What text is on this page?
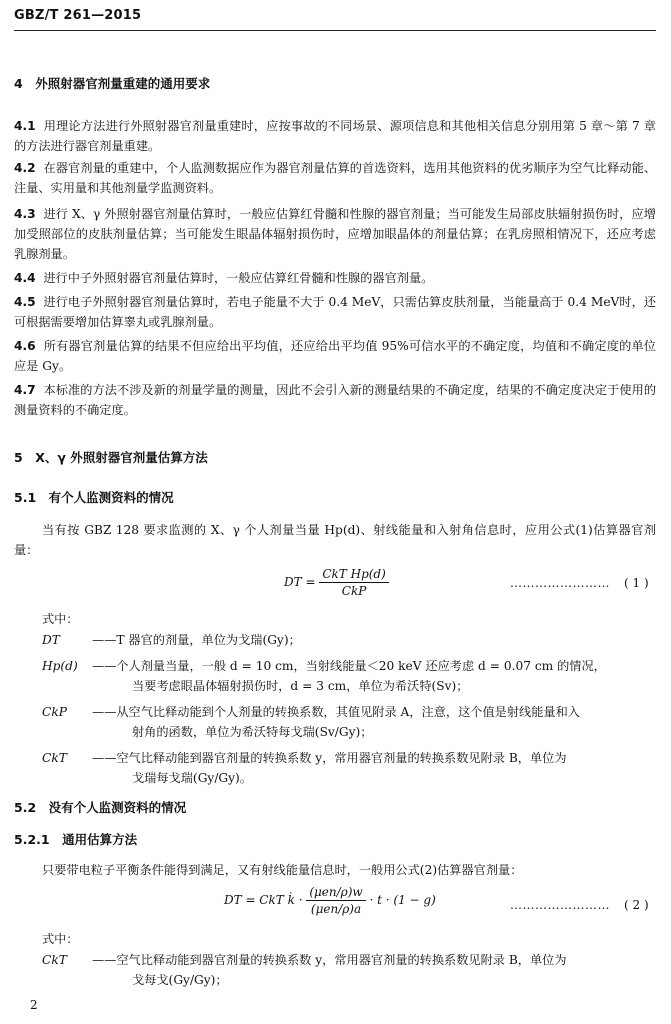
GBZ/T 261—2015
4　外照射器官剂量重建的通用要求
4.1 用理论方法进行外照射器官剂量重建时，应按事故的不同场景、源项信息和其他相关信息分别用第 5 章～第 7 章的方法进行器官剂量重建。
4.2 在器官剂量的重建中，个人监测数据应作为器官剂量估算的首选资料，选用其他资料的优劣顺序为空气比释动能、注量、实用量和其他剂量学监测资料。
4.3 进行 X、γ 外照射器官剂量估算时，一般应估算红骨髓和性腺的器官剂量；当可能发生局部皮肤辐射损伤时，应增加受照部位的皮肤剂量估算；当可能发生眼晶体辐射损伤时，应增加眼晶体的剂量估算；在乳房照相情况下，还应考虑乳腺剂量。
4.4 进行中子外照射器官剂量估算时，一般应估算红骨髓和性腺的器官剂量。
4.5 进行电子外照射器官剂量估算时，若电子能量不大于 0.4 MeV，只需估算皮肤剂量，当能量高于 0.4 MeV时，还可根据需要增加估算睾丸或乳腺剂量。
4.6 所有器官剂量估算的结果不但应给出平均值，还应给出平均值 95%可信水平的不确定度，均值和不确定度的单位应是 Gy。
4.7 本标准的方法不涉及新的剂量学量的测量，因此不会引入新的测量结果的不确定度，结果的不确定度决定于使用的测量资料的不确定度。
5　X、γ 外照射器官剂量估算方法
5.1　有个人监测资料的情况
当有按 GBZ 128 要求监测的 X、γ 个人剂量当量 Hp(d)、射线能量和入射角信息时，应用公式(1)估算器官剂量：
DT = $\frac{\text{CkT Hp(d)}}{\text{CkP}}$	…………………… ( 1 )
式中：
DT	——T 器官的剂量，单位为戈瑞(Gy)；
Hp(d)	——个人剂量当量，一般 d = 10 cm，当射线能量＜20 keV 还应考虑 d = 0.07 cm 的情况，
当要考虑眼晶体辐射损伤时，d = 3 cm，单位为希沃特(Sv)；
CkP	——从空气比释动能到个人剂量的转换系数，其值见附录 A，注意，这个值是射线能量和入
射角的函数，单位为希沃特每戈瑞(Sv/Gy)；
CkT	——空气比释动能到器官剂量的转换系数 y，常用器官剂量的转换系数见附录 B，单位为
戈瑞每戈瑞(Gy/Gy)。
5.2　没有个人监测资料的情况
5.2.1　通用估算方法
只要带电粒子平衡条件能得到满足，又有射线能量信息时，一般用公式(2)估算器官剂量：
DT = CkT k̇ · $\frac{\text{(μen/ρ)w}}{\text{(μen/ρ)a}} \cdot t \cdot (1 - g)$	…………………… ( 2 )
式中：
CkT	——空气比释动能到器官剂量的转换系数 y，常用器官剂量的转换系数见附录 B，单位为
戈每戈(Gy/Gy)；
2
